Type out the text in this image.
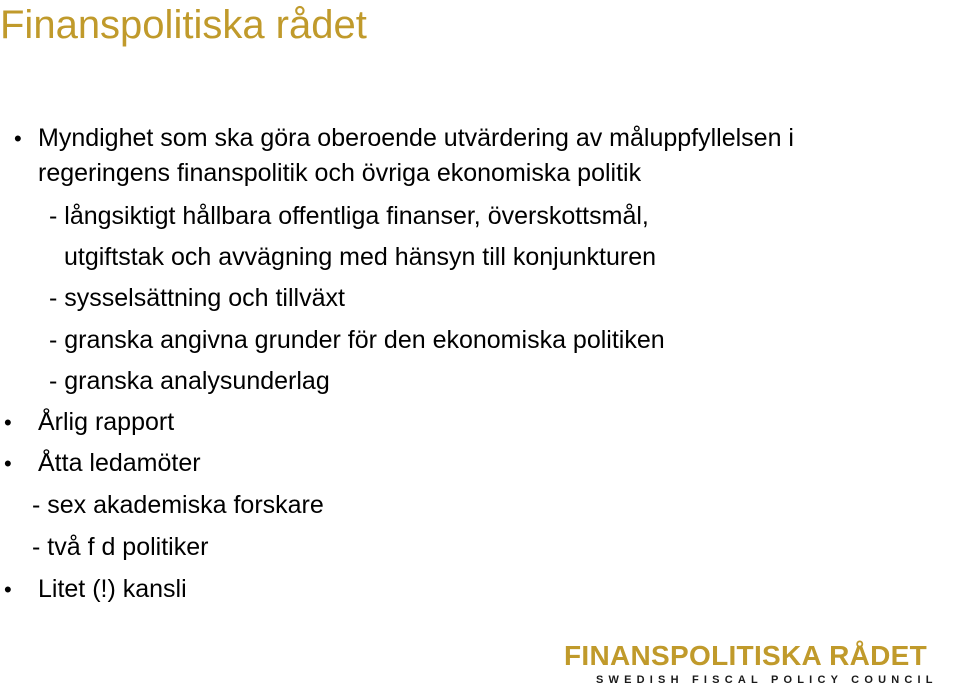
Finanspolitiska rådet
• Myndighet som ska göra oberoende utvärdering av måluppfyllelsen i
regeringens finanspolitik och övriga ekonomiska politik
- långsiktigt hållbara offentliga finanser, överskottsmål,
utgiftstak och avvägning med hänsyn till konjunkturen
- sysselsättning och tillväxt
- granska angivna grunder för den ekonomiska politiken
- granska analysunderlag
• Årlig rapport
• Åtta ledamöter
- sex akademiska forskare
- två f d politiker
• Litet (!) kansli
FINANSPOLITISKA RÅDET
SWEDISH FISCAL POLICY COUNCIL
